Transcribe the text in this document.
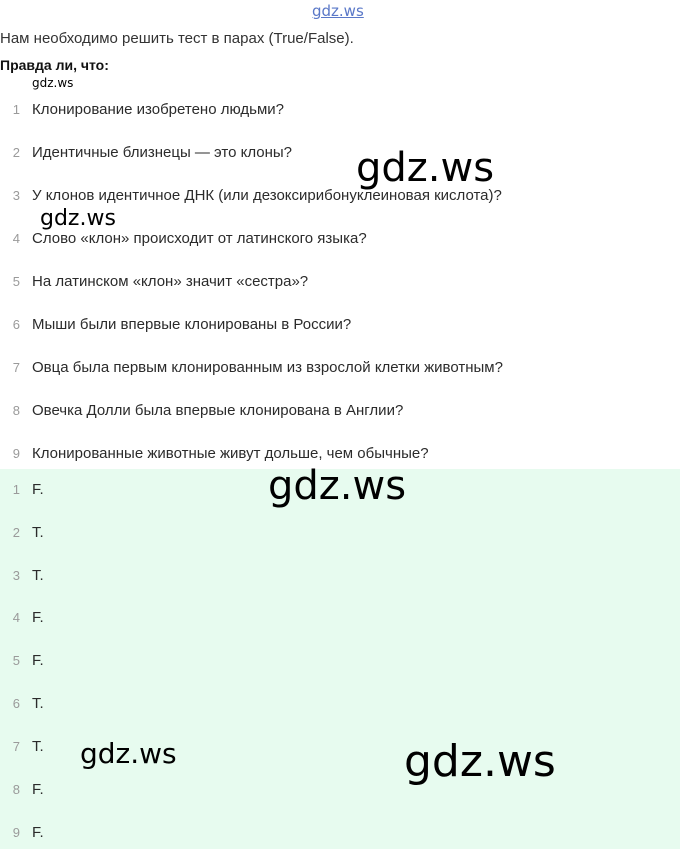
gdz.ws
gdz.ws
Нам необходимо решить тест в парах (True/False).
Правда ли, что:
1 Клонирование изобретено людьми?
2 Идентичные близнецы — это клоны?
3 У клонов идентичное ДНК (или дезоксирибонуклеиновая кислота)?
4 Слово «клон» происходит от латинского языка?
5 На латинском «клон» значит «сестра»?
6 Мыши были впервые клонированы в России?
7 Овца была первым клонированным из взрослой клетки животным?
8 Овечка Долли была впервые клонирована в Англии?
9 Клонированные животные живут дольше, чем обычные?
1 F.
2 T.
3 T.
4 F.
5 F.
6 T.
7 T.
8 F.
9 F.
gdz.ws
gdz.ws
gdz.ws
gdz.ws	gdz.ws
